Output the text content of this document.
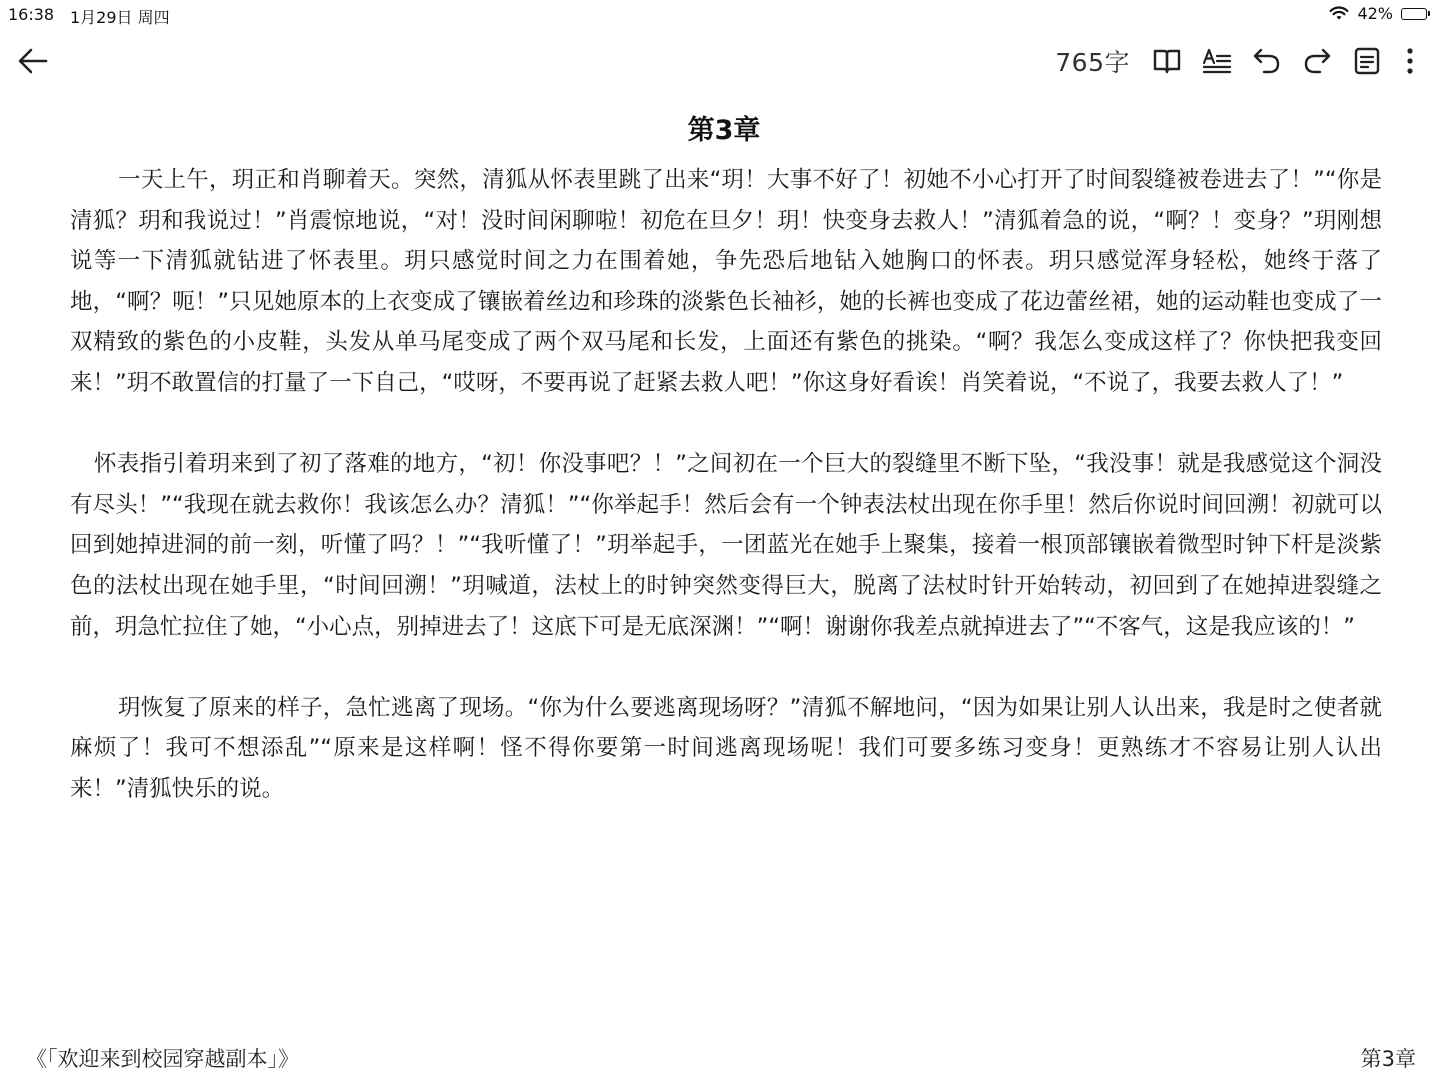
16:38 1月29日 周四	42%
765字
第3章

一天上午，玥正和肖聊着天。突然，清狐从怀表里跳了出来“玥！大事不好了！初她不小心打开了时间裂缝被卷进去了！”“你是清狐？玥和我说过！”肖震惊地说，“对！没时间闲聊啦！初危在旦夕！玥！快变身去救人！”清狐着急的说，“啊？！变身？”玥刚想说等一下清狐就钻进了怀表里。玥只感觉时间之力在围着她，争先恐后地钻入她胸口的怀表。玥只感觉浑身轻松，她终于落了地，“啊？呃！”只见她原本的上衣变成了镶嵌着丝边和珍珠的淡紫色长袖衫，她的长裤也变成了花边蕾丝裙，她的运动鞋也变成了一双精致的紫色的小皮鞋，头发从单马尾变成了两个双马尾和长发，上面还有紫色的挑染。“啊？我怎么变成这样了？你快把我变回来！”玥不敢置信的打量了一下自己，“哎呀，不要再说了赶紧去救人吧！”你这身好看诶！肖笑着说，“不说了，我要去救人了！”

怀表指引着玥来到了初了落难的地方，“初！你没事吧？！”之间初在一个巨大的裂缝里不断下坠，“我没事！就是我感觉这个洞没有尽头！”“我现在就去救你！我该怎么办？清狐！”“你举起手！然后会有一个钟表法杖出现在你手里！然后你说时间回溯！初就可以回到她掉进洞的前一刻，听懂了吗？！”“我听懂了！”玥举起手，一团蓝光在她手上聚集，接着一根顶部镶嵌着微型时钟下杆是淡紫色的法杖出现在她手里，“时间回溯！”玥喊道，法杖上的时钟突然变得巨大，脱离了法杖时针开始转动，初回到了在她掉进裂缝之前，玥急忙拉住了她，“小心点，别掉进去了！这底下可是无底深渊！”“啊！谢谢你我差点就掉进去了”“不客气，这是我应该的！”

玥恢复了原来的样子，急忙逃离了现场。“你为什么要逃离现场呀？”清狐不解地问，“因为如果让别人认出来，我是时之使者就麻烦了！我可不想添乱”“原来是这样啊！怪不得你要第一时间逃离现场呢！我们可要多练习变身！更熟练才不容易让别人认出来！”清狐快乐的说。

《「欢迎来到校园穿越副本」》	第3章
